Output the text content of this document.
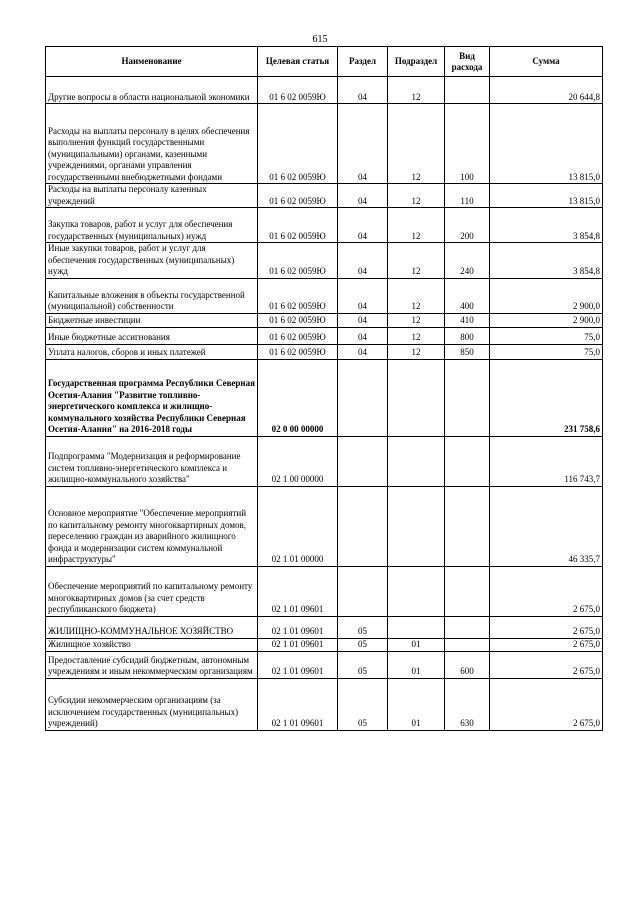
615
Наименование	Целевая статья	Раздел	Подраздел	Вид расхода	Сумма
Другие вопросы в области национальной экономики	01 6 02 0059Ю	04	12		20 644,8
Расходы на выплаты персоналу в целях обеспечения выполнения функций государственными (муниципальными) органами, казенными учреждениями, органами управления государственными внебюджетными фондами	01 6 02 0059Ю	04	12	100	13 815,0
Расходы на выплаты персоналу казенных учреждений	01 6 02 0059Ю	04	12	110	13 815,0
Закупка товаров, работ и услуг для обеспечения государственных (муниципальных) нужд	01 6 02 0059Ю	04	12	200	3 854,8
Иные закупки товаров, работ и услуг для обеспечения государственных (муниципальных) нужд	01 6 02 0059Ю	04	12	240	3 854,8
Капитальные вложения в объекты государственной (муниципальной) собственности	01 6 02 0059Ю	04	12	400	2 900,0
Бюджетные инвестиции	01 6 02 0059Ю	04	12	410	2 900,0
Иные бюджетные ассигнования	01 6 02 0059Ю	04	12	800	75,0
Уплата налогов, сборов и иных платежей	01 6 02 0059Ю	04	12	850	75,0
Государственная программа Республики Северная Осетия-Алания "Развитие топливно-энергетического комплекса и жилищно-коммунального хозяйства Республики Северная Осетия-Алания" на 2016-2018 годы	02 0 00 00000				231 758,6
Подпрограмма "Модернизация и реформирование систем топливно-энергетического комплекса и жилищно-коммунального хозяйства"	02 1 00 00000				116 743,7
Основное мероприятие "Обеспечение мероприятий по капитальному ремонту многоквартирных домов, переселению граждан из аварийного жилищного фонда и модернизации систем коммунальной инфраструктуры"	02 1 01 00000				46 335,7
Обеспечение мероприятий по капитальному ремонту многоквартирных домов (за счет средств республиканского бюджета)	02 1 01 09601				2 675,0
ЖИЛИЩНО-КОММУНАЛЬНОЕ ХОЗЯЙСТВО	02 1 01 09601	05			2 675,0
Жилищное хозяйство	02 1 01 09601	05	01		2 675,0
Предоставление субсидий бюджетным, автономным учреждениям и иным некоммерческим организациям	02 1 01 09601	05	01	600	2 675,0
Субсидии некоммерческим организациям (за исключением государственных (муниципальных) учреждений)	02 1 01 09601	05	01	630	2 675,0
